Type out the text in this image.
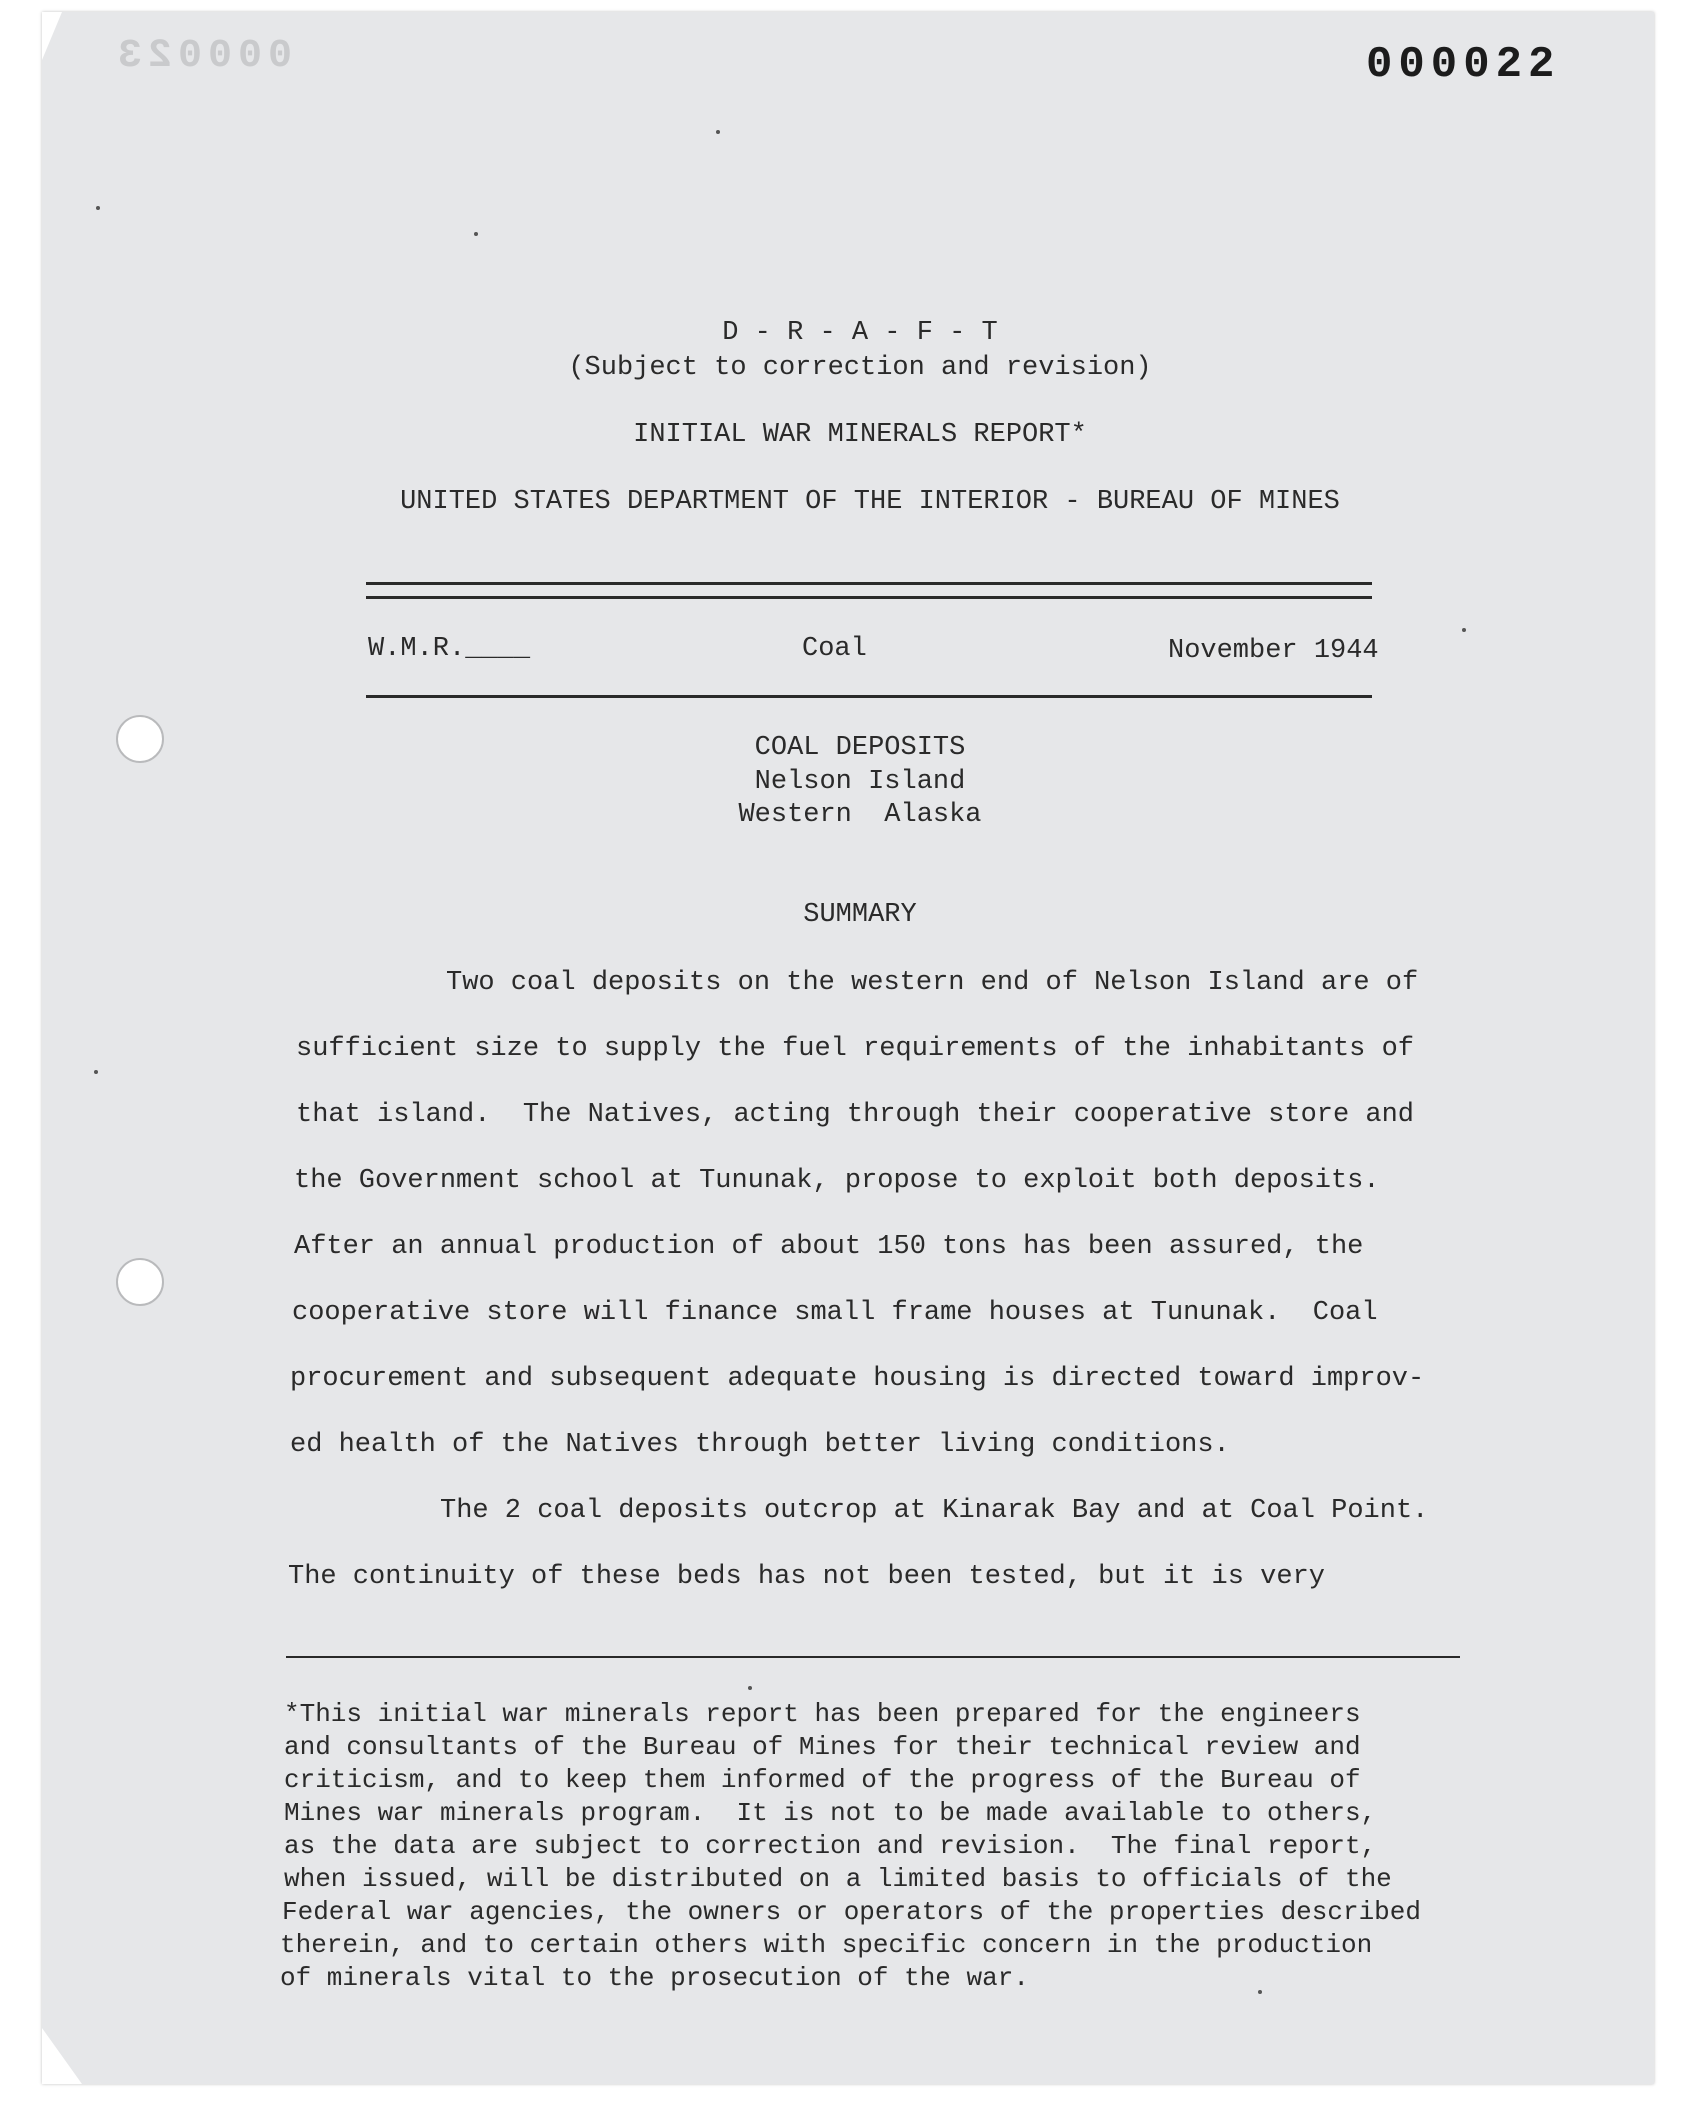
000023	000022
D - R - A - F - T
(Subject to correction and revision)
INITIAL WAR MINERALS REPORT*
UNITED STATES DEPARTMENT OF THE INTERIOR - BUREAU OF MINES
W.M.R.____	Coal	November 1944
COAL DEPOSITS
Nelson Island
Western  Alaska
SUMMARY
Two coal deposits on the western end of Nelson Island are of
sufficient size to supply the fuel requirements of the inhabitants of
that island.  The Natives, acting through their cooperative store and
the Government school at Tununak, propose to exploit both deposits.
After an annual production of about 150 tons has been assured, the
cooperative store will finance small frame houses at Tununak.  Coal
procurement and subsequent adequate housing is directed toward improv-
ed health of the Natives through better living conditions.
The 2 coal deposits outcrop at Kinarak Bay and at Coal Point.
The continuity of these beds has not been tested, but it is very
*This initial war minerals report has been prepared for the engineers
and consultants of the Bureau of Mines for their technical review and
criticism, and to keep them informed of the progress of the Bureau of
Mines war minerals program.  It is not to be made available to others,
as the data are subject to correction and revision.  The final report,
when issued, will be distributed on a limited basis to officials of the
Federal war agencies, the owners or operators of the properties described
therein, and to certain others with specific concern in the production
of minerals vital to the prosecution of the war.
